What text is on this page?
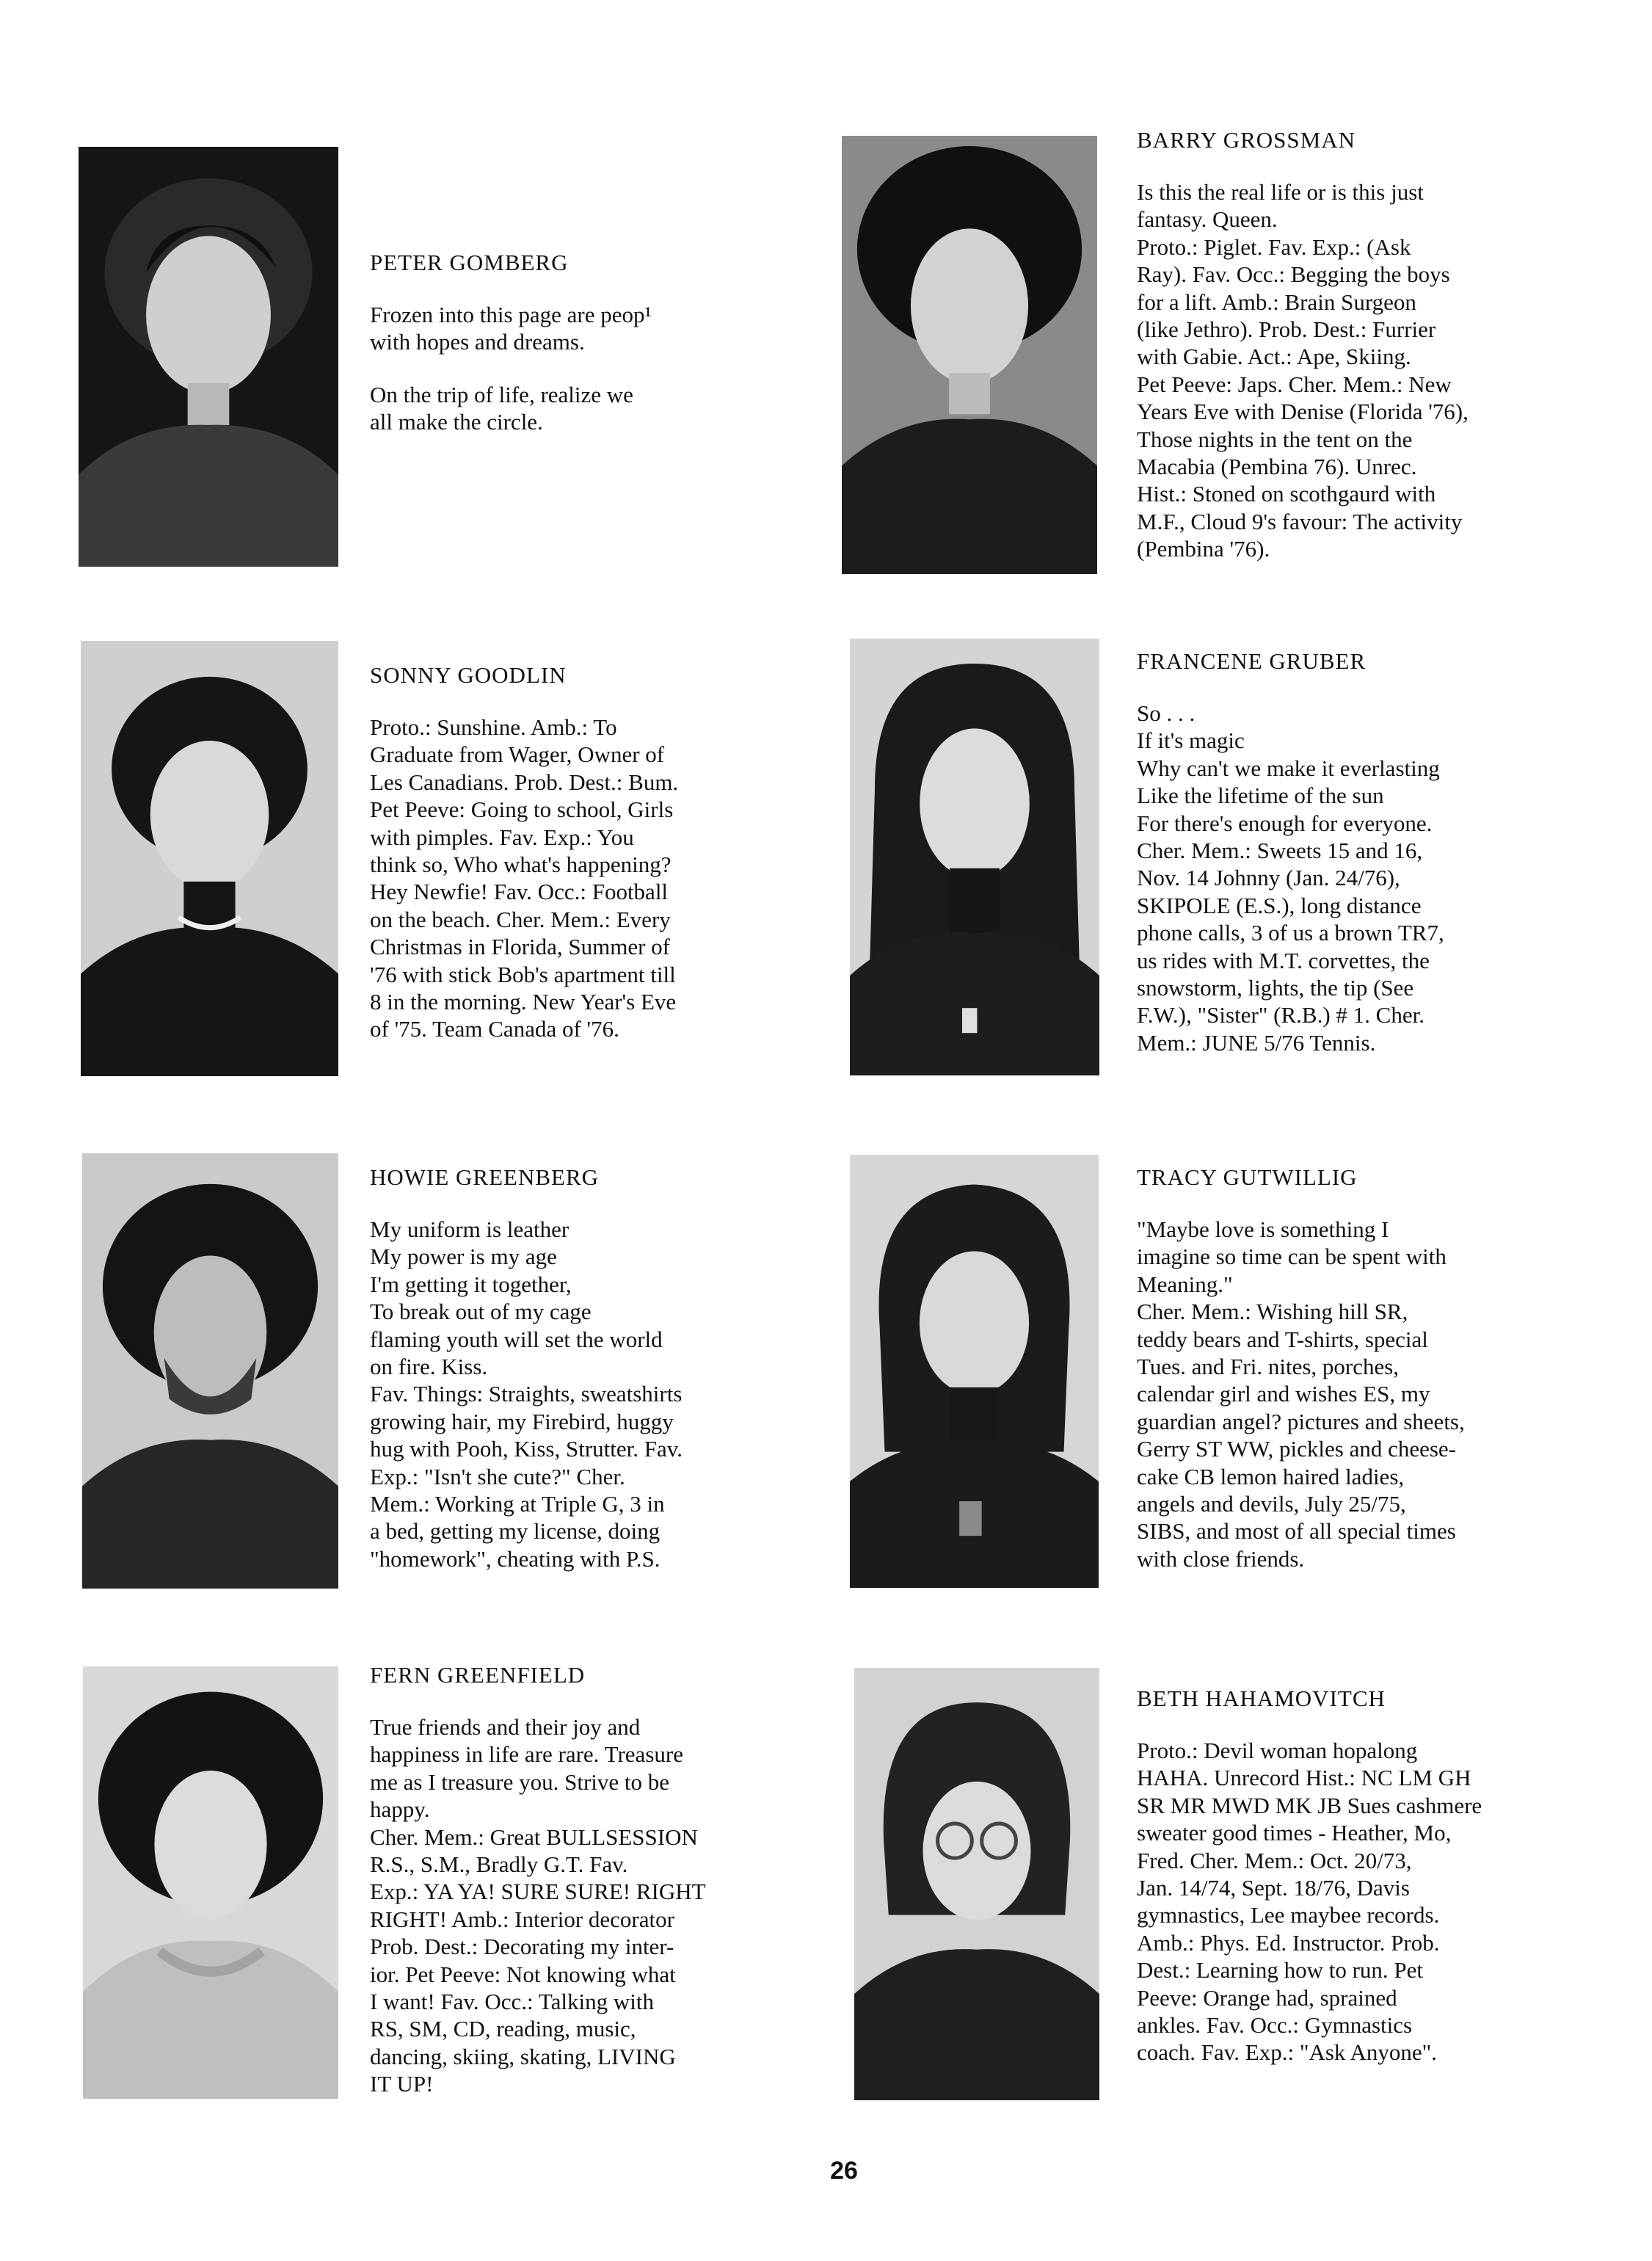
PETER GOMBERG

Frozen into this page are peop¹
with hopes and dreams.

On the trip of life, realize we
all make the circle.

BARRY GROSSMAN

Is this the real life or is this just
fantasy. Queen.
Proto.: Piglet. Fav. Exp.: (Ask
Ray). Fav. Occ.: Begging the boys
for a lift. Amb.: Brain Surgeon
(like Jethro). Prob. Dest.: Furrier
with Gabie. Act.: Ape, Skiing.
Pet Peeve: Japs. Cher. Mem.: New
Years Eve with Denise (Florida '76),
Those nights in the tent on the
Macabia (Pembina 76). Unrec.
Hist.: Stoned on scothgaurd with
M.F., Cloud 9's favour: The activity
(Pembina '76).

SONNY GOODLIN

Proto.: Sunshine. Amb.: To
Graduate from Wager, Owner of
Les Canadians. Prob. Dest.: Bum.
Pet Peeve: Going to school, Girls
with pimples. Fav. Exp.: You
think so, Who what's happening?
Hey Newfie! Fav. Occ.: Football
on the beach. Cher. Mem.: Every
Christmas in Florida, Summer of
'76 with stick Bob's apartment till
8 in the morning. New Year's Eve
of '75. Team Canada of '76.

FRANCENE GRUBER

So . . .
If it's magic
Why can't we make it everlasting
Like the lifetime of the sun
For there's enough for everyone.
Cher. Mem.: Sweets 15 and 16,
Nov. 14 Johnny (Jan. 24/76),
SKIPOLE (E.S.), long distance
phone calls, 3 of us a brown TR7,
us rides with M.T. corvettes, the
snowstorm, lights, the tip (See
F.W.), "Sister" (R.B.) # 1. Cher.
Mem.: JUNE 5/76 Tennis.

HOWIE GREENBERG

My uniform is leather
My power is my age
I'm getting it together,
To break out of my cage
flaming youth will set the world
on fire. Kiss.
Fav. Things: Straights, sweatshirts
growing hair, my Firebird, huggy
hug with Pooh, Kiss, Strutter. Fav.
Exp.: "Isn't she cute?" Cher.
Mem.: Working at Triple G, 3 in
a bed, getting my license, doing
"homework", cheating with P.S.

TRACY GUTWILLIG

"Maybe love is something I
imagine so time can be spent with
Meaning."
Cher. Mem.: Wishing hill SR,
teddy bears and T-shirts, special
Tues. and Fri. nites, porches,
calendar girl and wishes ES, my
guardian angel? pictures and sheets,
Gerry ST WW, pickles and cheese-
cake CB lemon haired ladies,
angels and devils, July 25/75,
SIBS, and most of all special times
with close friends.

FERN GREENFIELD

True friends and their joy and
happiness in life are rare. Treasure
me as I treasure you. Strive to be
happy.
Cher. Mem.: Great BULLSESSION
R.S., S.M., Bradly G.T. Fav.
Exp.: YA YA! SURE SURE! RIGHT
RIGHT! Amb.: Interior decorator
Prob. Dest.: Decorating my inter-
ior. Pet Peeve: Not knowing what
I want! Fav. Occ.: Talking with
RS, SM, CD, reading, music,
dancing, skiing, skating, LIVING
IT UP!

BETH HAHAMOVITCH

Proto.: Devil woman hopalong
HAHA. Unrecord Hist.: NC LM GH
SR MR MWD MK JB Sues cashmere
sweater good times - Heather, Mo,
Fred. Cher. Mem.: Oct. 20/73,
Jan. 14/74, Sept. 18/76, Davis
gymnastics, Lee maybee records.
Amb.: Phys. Ed. Instructor. Prob.
Dest.: Learning how to run. Pet
Peeve: Orange had, sprained
ankles. Fav. Occ.: Gymnastics
coach. Fav. Exp.: "Ask Anyone".

26
